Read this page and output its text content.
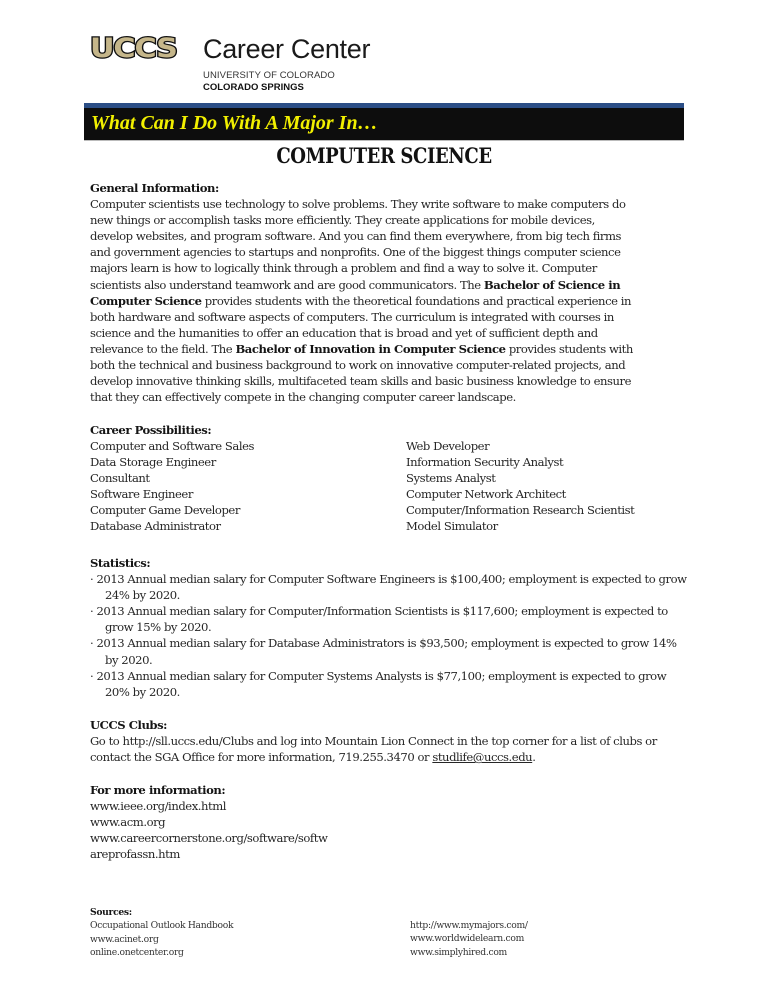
UCCS Career Center
UNIVERSITY OF COLORADO
COLORADO SPRINGS
What Can I Do With A Major In…
COMPUTER SCIENCE

General Information:

Computer scientists use technology to solve problems. They write software to make computers do

new things or accomplish tasks more efficiently. They create applications for mobile devices,

develop websites, and program software. And you can find them everywhere, from big tech firms

and government agencies to startups and nonprofits. One of the biggest things computer science

majors learn is how to logically think through a problem and find a way to solve it. Computer

scientists also understand teamwork and are good communicators. The Bachelor of Science in

Computer Science provides students with the theoretical foundations and practical experience in

both hardware and software aspects of computers. The curriculum is integrated with courses in

science and the humanities to offer an education that is broad and yet of sufficient depth and

relevance to the field. The Bachelor of Innovation in Computer Science provides students with

both the technical and business background to work on innovative computer-related projects, and

develop innovative thinking skills, multifaceted team skills and basic business knowledge to ensure

that they can effectively compete in the changing computer career landscape.

Career Possibilities:
Computer and Software Sales
Data Storage Engineer
Consultant
Software Engineer
Computer Game Developer
Database Administrator
Web Developer
Information Security Analyst
Systems Analyst
Computer Network Architect
Computer/Information Research Scientist
Model Simulator
Statistics:
· 2013 Annual median salary for Computer Software Engineers is $100,400; employment is expected to grow 24% by 2020.
· 2013 Annual median salary for Computer/Information Scientists is $117,600; employment is expected to grow 15% by 2020.
· 2013 Annual median salary for Database Administrators is $93,500; employment is expected to grow 14% by 2020.
· 2013 Annual median salary for Computer Systems Analysts is $77,100; employment is expected to grow 20% by 2020.
UCCS Clubs:
Go to http://sll.uccs.edu/Clubs and log into Mountain Lion Connect in the top corner for a list of clubs or contact the SGA Office for more information, 719.255.3470 or studlife@uccs.edu.
For more information:
www.ieee.org/index.html
www.acm.org
www.careercornerstone.org/software/softw
areprofassn.htm
Sources:
Occupational Outlook Handbook
www.acinet.org
online.onetcenter.org
http://www.mymajors.com/
www.worldwidelearn.com
www.simplyhired.com
